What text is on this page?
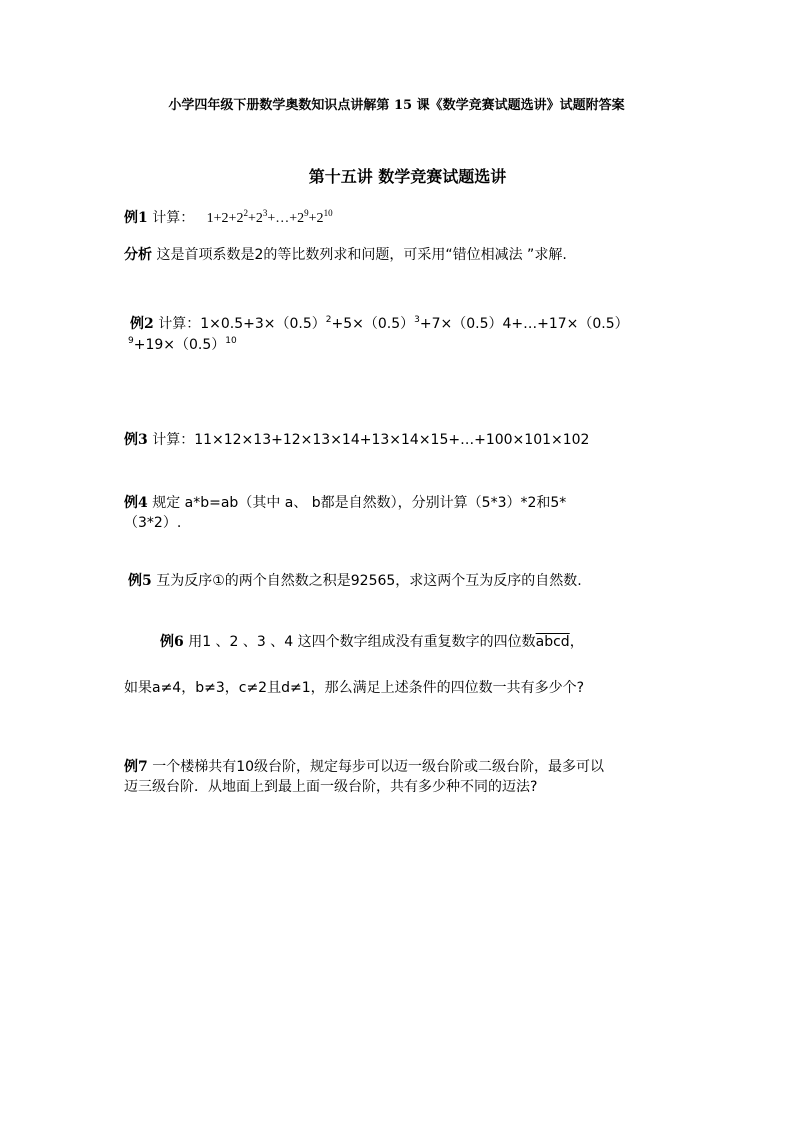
小学四年级下册数学奥数知识点讲解第 15 课《数学竞赛试题选讲》试题附答案
第十五讲 数学竞赛试题选讲
例1 计算： $1+2+2^2+2^3+\dots+2^9+2^{10}$
分析 这是首项系数是2的等比数列求和问题，可采用“错位相减法 ”求解.
例2 计算：$1\times 0.5+3\times(0.5)^2+5\times(0.5)^3+7\times(0.5)4+\dots+17\times(0.5)$
$^9+19\times(0.5)^{10}$
例3 计算：11×12×13+12×13×14+13×14×15+…+100×101×102
例4 规定 a*b=ab（其中 a、 b都是自然数），分别计算（5*3）*2和5*
（3*2）.
例5 互为反序①的两个自然数之积是92565，求这两个互为反序的自然数.
例6 用1 、2 、3 、4 这四个数字组成没有重复数字的四位数abcd，
如果a≠4，b≠3，c≠2且d≠1，那么满足上述条件的四位数一共有多少个?
例7 一个楼梯共有10级台阶，规定每步可以迈一级台阶或二级台阶，最多可以
迈三级台阶．从地面上到最上面一级台阶，共有多少种不同的迈法?
